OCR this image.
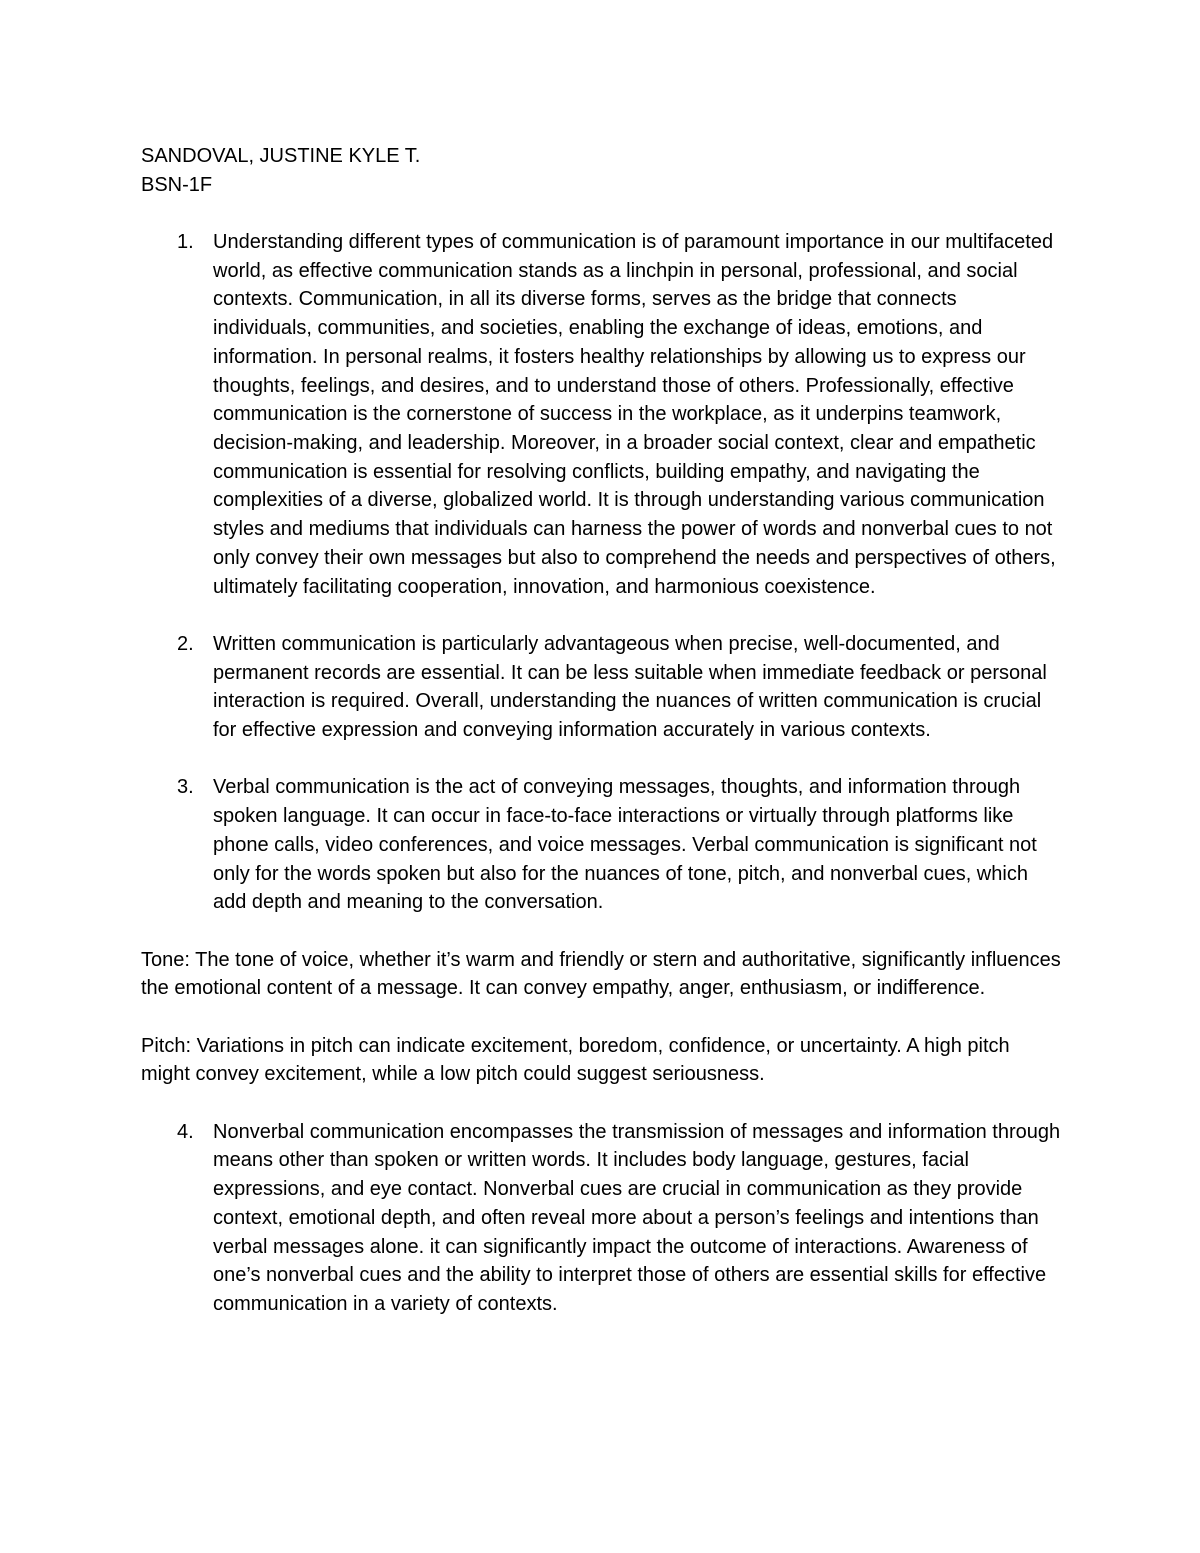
SANDOVAL, JUSTINE KYLE T.

BSN-1F

1. Understanding different types of communication is of paramount importance in our multifaceted world, as effective communication stands as a linchpin in personal, professional, and social contexts. Communication, in all its diverse forms, serves as the bridge that connects individuals, communities, and societies, enabling the exchange of ideas, emotions, and information. In personal realms, it fosters healthy relationships by allowing us to express our thoughts, feelings, and desires, and to understand those of others. Professionally, effective communication is the cornerstone of success in the workplace, as it underpins teamwork, decision-making, and leadership. Moreover, in a broader social context, clear and empathetic communication is essential for resolving conflicts, building empathy, and navigating the complexities of a diverse, globalized world. It is through understanding various communication styles and mediums that individuals can harness the power of words and nonverbal cues to not only convey their own messages but also to comprehend the needs and perspectives of others, ultimately facilitating cooperation, innovation, and harmonious coexistence.

2. Written communication is particularly advantageous when precise, well-documented, and permanent records are essential. It can be less suitable when immediate feedback or personal interaction is required. Overall, understanding the nuances of written communication is crucial for effective expression and conveying information accurately in various contexts.

3. Verbal communication is the act of conveying messages, thoughts, and information through spoken language. It can occur in face-to-face interactions or virtually through platforms like phone calls, video conferences, and voice messages. Verbal communication is significant not only for the words spoken but also for the nuances of tone, pitch, and nonverbal cues, which add depth and meaning to the conversation.

Tone: The tone of voice, whether it’s warm and friendly or stern and authoritative, significantly influences the emotional content of a message. It can convey empathy, anger, enthusiasm, or indifference.

Pitch: Variations in pitch can indicate excitement, boredom, confidence, or uncertainty. A high pitch might convey excitement, while a low pitch could suggest seriousness.

4. Nonverbal communication encompasses the transmission of messages and information through means other than spoken or written words. It includes body language, gestures, facial expressions, and eye contact. Nonverbal cues are crucial in communication as they provide context, emotional depth, and often reveal more about a person’s feelings and intentions than verbal messages alone. it can significantly impact the outcome of interactions. Awareness of one’s nonverbal cues and the ability to interpret those of others are essential skills for effective communication in a variety of contexts.
